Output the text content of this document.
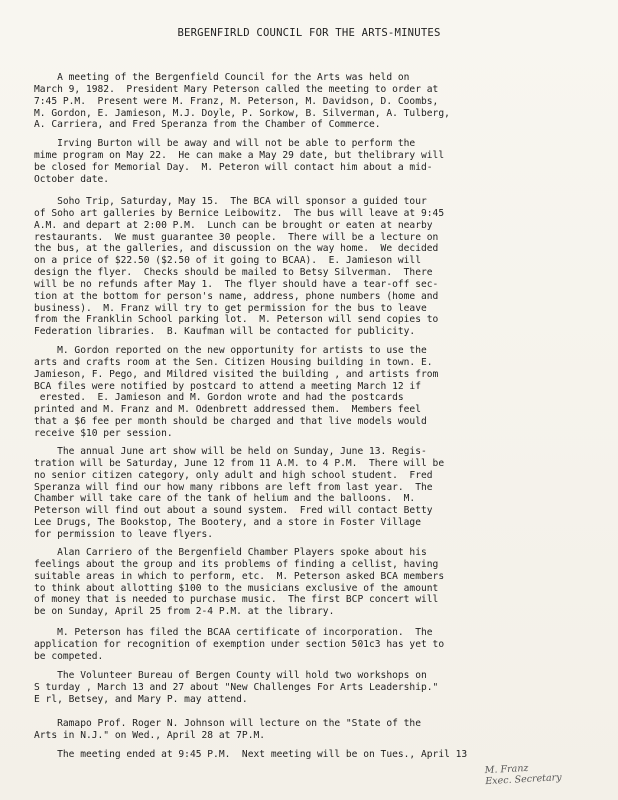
BERGENFIRLD COUNCIL FOR THE ARTS-MINUTES

A meeting of the Bergenfield Council for the Arts was held on
March 9, 1982.  President Mary Peterson called the meeting to order at
7:45 P.M.  Present were M. Franz, M. Peterson, M. Davidson, D. Coombs,
M. Gordon, E. Jamieson, M.J. Doyle, P. Sorkow, B. Silverman, A. Tulberg,
A. Carriera, and Fred Speranza from the Chamber of Commerce.

Irving Burton will be away and will not be able to perform the
mime program on May 22.  He can make a May 29 date, but thelibrary will
be closed for Memorial Day.  M. Peteron will contact him about a mid-
October date.

Soho Trip, Saturday, May 15.  The BCA will sponsor a guided tour
of Soho art galleries by Bernice Leibowitz.  The bus will leave at 9:45
A.M. and depart at 2:00 P.M.  Lunch can be brought or eaten at nearby
restaurants.  We must guarantee 30 people.  There will be a lecture on
the bus, at the galleries, and discussion on the way home.  We decided
on a price of $22.50 ($2.50 of it going to BCAA).  E. Jamieson will
design the flyer.  Checks should be mailed to Betsy Silverman.  There
will be no refunds after May 1.  The flyer should have a tear-off sec-
tion at the bottom for person's name, address, phone numbers (home and
business).  M. Franz will try to get permission for the bus to leave
from the Franklin School parking lot.  M. Peterson will send copies to
Federation libraries.  B. Kaufman will be contacted for publicity.

M. Gordon reported on the new opportunity for artists to use the
arts and crafts room at the Sen. Citizen Housing building in town. E.
Jamieson, F. Pego, and Mildred visited the building , and artists from
BCA files were notified by postcard to attend a meeting March 12 if
erested.  E. Jamieson and M. Gordon wrote and had the postcards
printed and M. Franz and M. Odenbrett addressed them.  Members feel
that a $6 fee per month should be charged and that live models would
receive $10 per session.

The annual June art show will be held on Sunday, June 13. Regis-
tration will be Saturday, June 12 from 11 A.M. to 4 P.M.  There will be
no senior citizen category, only adult and high school student.  Fred
Speranza will find our how many ribbons are left from last year.  The
Chamber will take care of the tank of helium and the balloons.  M.
Peterson will find out about a sound system.  Fred will contact Betty
Lee Drugs, The Bookstop, The Bootery, and a store in Foster Village
for permission to leave flyers.

Alan Carriero of the Bergenfield Chamber Players spoke about his
feelings about the group and its problems of finding a cellist, having
suitable areas in which to perform, etc.  M. Peterson asked BCA members
to think about allotting $100 to the musicians exclusive of the amount
of money that is needed to purchase music.  The first BCP concert will
be on Sunday, April 25 from 2-4 P.M. at the library.

M. Peterson has filed the BCAA certificate of incorporation.  The
application for recognition of exemption under section 501c3 has yet to
be competed.

The Volunteer Bureau of Bergen County will hold two workshops on
S turday , March 13 and 27 about "New Challenges For Arts Leadership."
E rl, Betsey, and Mary P. may attend.

Ramapo Prof. Roger N. Johnson will lecture on the "State of the
Arts in N.J." on Wed., April 28 at 7P.M.

The meeting ended at 9:45 P.M.  Next meeting will be on Tues., April 13

M. Franz
Exec. Secretary
